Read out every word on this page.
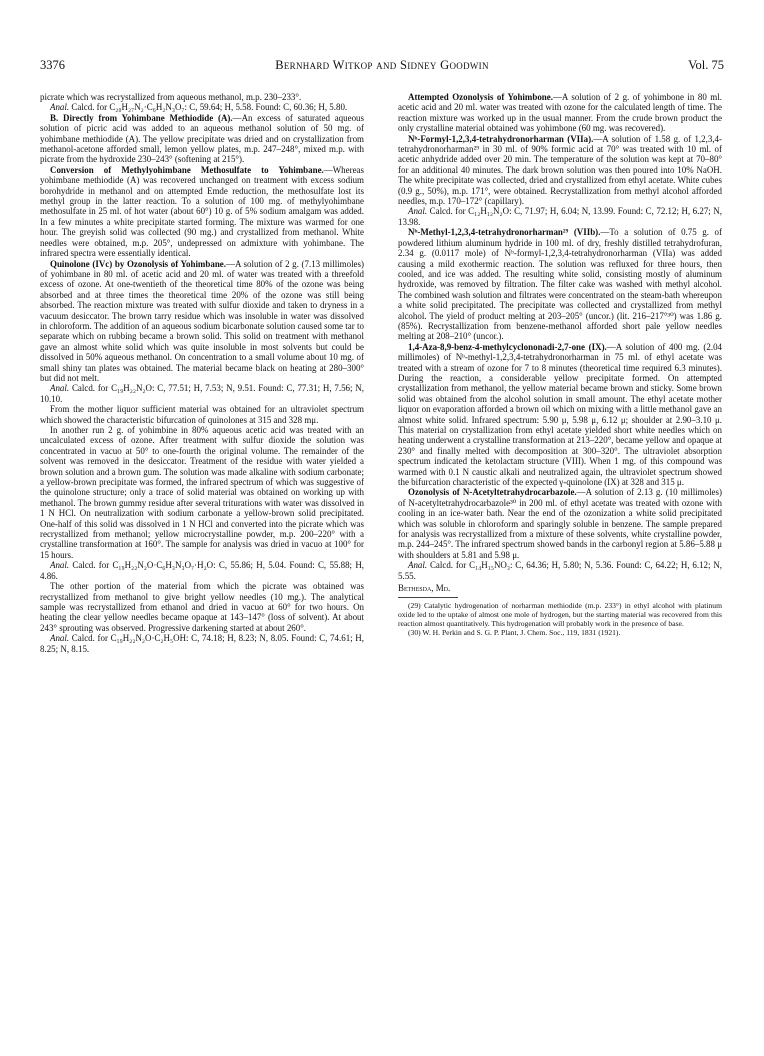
3376	Bernhard Witkop and Sidney Goodwin	Vol. 75

picrate which was recrystallized from aqueous methanol, m.p. 230–233°.

Anal. Calcd. for C₂₀H₂₇N₂·C₆H₂N₃O₇: C, 59.64; H, 5.58. Found: C, 60.36; H, 5.80.

B. Directly from Yohimbane Methiodide (A).—An excess of saturated aqueous solution of picric acid was added to an aqueous methanol solution of 50 mg. of yohimbane methiodide (A). The yellow precipitate was dried and on crystallization from methanol-acetone afforded small, lemon yellow plates, m.p. 247–248°, mixed m.p. with picrate from the hydroxide 230–243° (softening at 215°).

Conversion of Methylyohimbane Methosulfate to Yohimbane.—Whereas yohimbane methiodide (A) was recovered unchanged on treatment with excess sodium borohydride in methanol and on attempted Emde reduction, the methosulfate lost its methyl group in the latter reaction. To a solution of 100 mg. of methylyohimbane methosulfate in 25 ml. of hot water (about 60°) 10 g. of 5% sodium amalgam was added. In a few minutes a white precipitate started forming. The mixture was warmed for one hour. The greyish solid was collected (90 mg.) and crystallized from methanol. White needles were obtained, m.p. 205°, undepressed on admixture with yohimbane. The infrared spectra were essentially identical.

Quinolone (IVc) by Ozonolysis of Yohimbane.—A solution of 2 g. (7.13 millimoles) of yohimbane in 80 ml. of acetic acid and 20 ml. of water was treated with a threefold excess of ozone. At one-twentieth of the theoretical time 80% of the ozone was being absorbed and at three times the theoretical time 20% of the ozone was still being absorbed. The reaction mixture was treated with sulfur dioxide and taken to dryness in a vacuum desiccator. The brown tarry residue which was insoluble in water was dissolved in chloroform. The addition of an aqueous sodium bicarbonate solution caused some tar to separate which on rubbing became a brown solid. This solid on treatment with methanol gave an almost white solid which was quite insoluble in most solvents but could be dissolved in 50% aqueous methanol. On concentration to a small volume about 10 mg. of small shiny tan plates was obtained. The material became black on heating at 280–300° but did not melt.

Anal. Calcd. for C₁₉H₂₂N₂O: C, 77.51; H, 7.53; N, 9.51. Found: C, 77.31; H, 7.56; N, 10.10.

From the mother liquor sufficient material was obtained for an ultraviolet spectrum which showed the characteristic bifurcation of quinolones at 315 and 328 mμ.

In another run 2 g. of yohimbine in 80% aqueous acetic acid was treated with an uncalculated excess of ozone. After treatment with sulfur dioxide the solution was concentrated in vacuo at 50° to one-fourth the original volume. The remainder of the solvent was removed in the desiccator. Treatment of the residue with water yielded a brown solution and a brown gum. The solution was made alkaline with sodium carbonate; a yellow-brown precipitate was formed, the infrared spectrum of which was suggestive of the quinolone structure; only a trace of solid material was obtained on working up with methanol. The brown gummy residue after several triturations with water was dissolved in 1 N HCl. On neutralization with sodium carbonate a yellow-brown solid precipitated. One-half of this solid was dissolved in 1 N HCl and converted into the picrate which was recrystallized from methanol; yellow microcrystalline powder, m.p. 200–220° with a crystalline transformation at 160°. The sample for analysis was dried in vacuo at 100° for 15 hours.

Anal. Calcd. for C₁₉H₂₂N₂O·C₆H₃N₃O₇·H₂O: C, 55.86; H, 5.04. Found: C, 55.88; H, 4.86.

The other portion of the material from which the picrate was obtained was recrystallized from methanol to give bright yellow needles (10 mg.). The analytical sample was recrystallized from ethanol and dried in vacuo at 60° for two hours. On heating the clear yellow needles became opaque at 143–147° (loss of solvent). At about 243° sprouting was observed. Progressive darkening started at about 260°.

Anal. Calcd. for C₁₉H₂₂N₂O·C₂H₅OH: C, 74.18; H, 8.23; N, 8.05. Found: C, 74.61; H, 8.25; N, 8.15.

Attempted Ozonolysis of Yohimbone.—A solution of 2 g. of yohimbone in 80 ml. acetic acid and 20 ml. water was treated with ozone for the calculated length of time. The reaction mixture was worked up in the usual manner. From the crude brown product the only crystalline material obtained was yohimbone (60 mg. was recovered).

Nᵇ-Formyl-1,2,3,4-tetrahydronorharman (VIIa).—A solution of 1.58 g. of 1,2,3,4-tetrahydronorharman²⁹ in 30 ml. of 90% formic acid at 70° was treated with 10 ml. of acetic anhydride added over 20 min. The temperature of the solution was kept at 70–80° for an additional 40 minutes. The dark brown solution was then poured into 10% NaOH. The white precipitate was collected, dried and crystallized from ethyl acetate. White cubes (0.9 g., 50%), m.p. 171°, were obtained. Recrystallization from methyl alcohol afforded needles, m.p. 170–172° (capillary).

Anal. Calcd. for C₁₂H₁₂N₂O: C, 71.97; H, 6.04; N, 13.99. Found: C, 72.12; H, 6.27; N, 13.98.

Nᵇ-Methyl-1,2,3,4-tetrahydronorharman²⁹ (VIIb).—To a solution of 0.75 g. of powdered lithium aluminum hydride in 100 ml. of dry, freshly distilled tetrahydrofuran, 2.34 g. (0.0117 mole) of Nᵇ-formyl-1,2,3,4-tetrahydronorharman (VIIa) was added causing a mild exothermic reaction. The solution was refluxed for three hours, then cooled, and ice was added. The resulting white solid, consisting mostly of aluminum hydroxide, was removed by filtration. The filter cake was washed with methyl alcohol. The combined wash solution and filtrates were concentrated on the steam-bath whereupon a white solid precipitated. The precipitate was collected and crystallized from methyl alcohol. The yield of product melting at 203–205° (uncor.) (lit. 216–217°³⁰) was 1.86 g. (85%). Recrystallization from benzene-methanol afforded short pale yellow needles melting at 208–210° (uncor.).

1,4-Aza-8,9-benz-4-methylcyclononadi-2,7-one (IX).—A solution of 400 mg. (2.04 millimoles) of Nᵇ-methyl-1,2,3,4-tetrahydronorharman in 75 ml. of ethyl acetate was treated with a stream of ozone for 7 to 8 minutes (theoretical time required 6.3 minutes). During the reaction, a considerable yellow precipitate formed. On attempted crystallization from methanol, the yellow material became brown and sticky. Some brown solid was obtained from the alcohol solution in small amount. The ethyl acetate mother liquor on evaporation afforded a brown oil which on mixing with a little methanol gave an almost white solid. Infrared spectrum: 5.90 μ, 5.98 μ, 6.12 μ; shoulder at 2.90–3.10 μ. This material on crystallization from ethyl acetate yielded short white needles which on heating underwent a crystalline transformation at 213–220°, became yellow and opaque at 230° and finally melted with decomposition at 300–320°. The ultraviolet absorption spectrum indicated the ketolactam structure (VIII). When 1 mg. of this compound was warmed with 0.1 N caustic alkali and neutralized again, the ultraviolet spectrum showed the bifurcation characteristic of the expected γ-quinolone (IX) at 328 and 315 μ.

Ozonolysis of N-Acetyltetrahydrocarbazole.—A solution of 2.13 g. (10 millimoles) of N-acetyltetrahydrocarbazole³⁰ in 200 ml. of ethyl acetate was treated with ozone with cooling in an ice-water bath. Near the end of the ozonization a white solid precipitated which was soluble in chloroform and sparingly soluble in benzene. The sample prepared for analysis was recrystallized from a mixture of these solvents, white crystalline powder, m.p. 244–245°. The infrared spectrum showed bands in the carbonyl region at 5.86–5.88 μ with shoulders at 5.81 and 5.98 μ.

Anal. Calcd. for C₁₄H₁₅NO₃: C, 64.36; H, 5.80; N, 5.36. Found: C, 64.22; H, 6.12; N, 5.55.

Bethesda, Md.

(29) Catalytic hydrogenation of norharman methiodide (m.p. 233°) in ethyl alcohol with platinum oxide led to the uptake of almost one mole of hydrogen, but the starting material was recovered from this reaction almost quantitatively. This hydrogenation will probably work in the presence of base.

(30) W. H. Perkin and S. G. P. Plant, J. Chem. Soc., 119, 1831 (1921).
